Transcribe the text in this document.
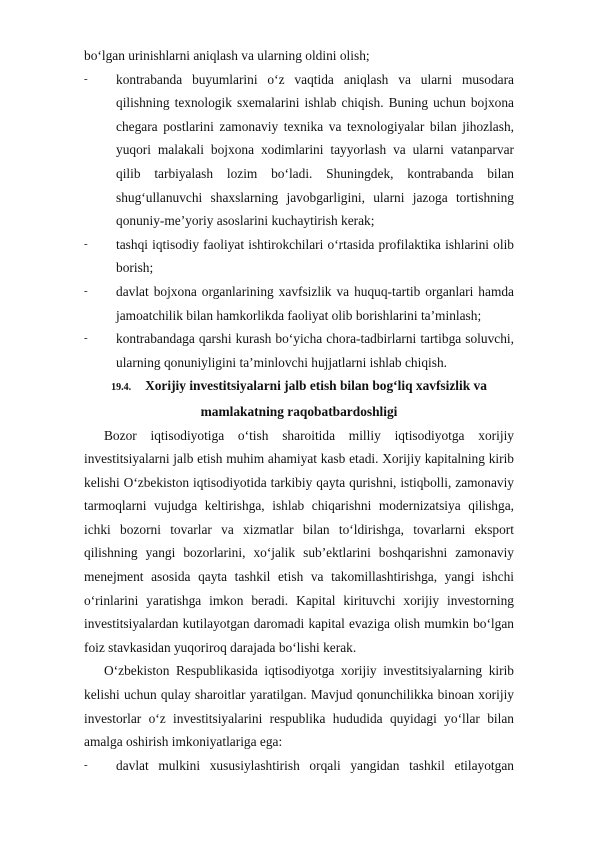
bo‘lgan urinishlarni aniqlash va ularning oldini olish;

- kontrabanda buyumlarini o‘z vaqtida aniqlash va ularni musodara qilishning texnologik sxemalarini ishlab chiqish. Buning uchun bojxona chegara postlarini zamonaviy texnika va texnologiyalar bilan jihozlash, yuqori malakali bojxona xodimlarini tayyorlash va ularni vatanparvar qilib tarbiyalash lozim bo‘ladi. Shuningdek, kontrabanda bilan shug‘ullanuvchi shaxslarning javobgarligini, ularni jazoga tortishning qonuniy-me’yoriy asoslarini kuchaytirish kerak;

- tashqi iqtisodiy faoliyat ishtirokchilari o‘rtasida profilaktika ishlarini olib borish;

- davlat bojxona organlarining xavfsizlik va huquq-tartib organlari hamda jamoatchilik bilan hamkorlikda faoliyat olib borishlarini ta’minlash;

- kontrabandaga qarshi kurash bo‘yicha chora-tadbirlarni tartibga soluvchi, ularning qonuniyligini ta’minlovchi hujjatlarni ishlab chiqish.

19.4. Xorijiy investitsiyalarni jalb etish bilan bog‘liq xavfsizlik va
mamlakatning raqobatbardoshligi

Bozor iqtisodiyotiga o‘tish sharoitida milliy iqtisodiyotga xorijiy investitsiyalarni jalb etish muhim ahamiyat kasb etadi. Xorijiy kapitalning kirib kelishi O‘zbekiston iqtisodiyotida tarkibiy qayta qurishni, istiqbolli, zamonaviy tarmoqlarni vujudga keltirishga, ishlab chiqarishni modernizatsiya qilishga, ichki bozorni tovarlar va xizmatlar bilan to‘ldirishga, tovarlarni eksport qilishning yangi bozorlarini, xo‘jalik sub’ektlarini boshqarishni zamonaviy menejment asosida qayta tashkil etish va takomillashtirishga, yangi ishchi o‘rinlarini yaratishga imkon beradi. Kapital kirituvchi xorijiy investorning investitsiyalardan kutilayotgan daromadi kapital evaziga olish mumkin bo‘lgan foiz stavkasidan yuqoriroq darajada bo‘lishi kerak.

O‘zbekiston Respublikasida iqtisodiyotga xorijiy investitsiyalarning kirib kelishi uchun qulay sharoitlar yaratilgan. Mavjud qonunchilikka binoan xorijiy investorlar o‘z investitsiyalarini respublika hududida quyidagi yo‘llar bilan amalga oshirish imkoniyatlariga ega:

- davlat mulkini xususiylashtirish orqali yangidan tashkil etilayotgan
